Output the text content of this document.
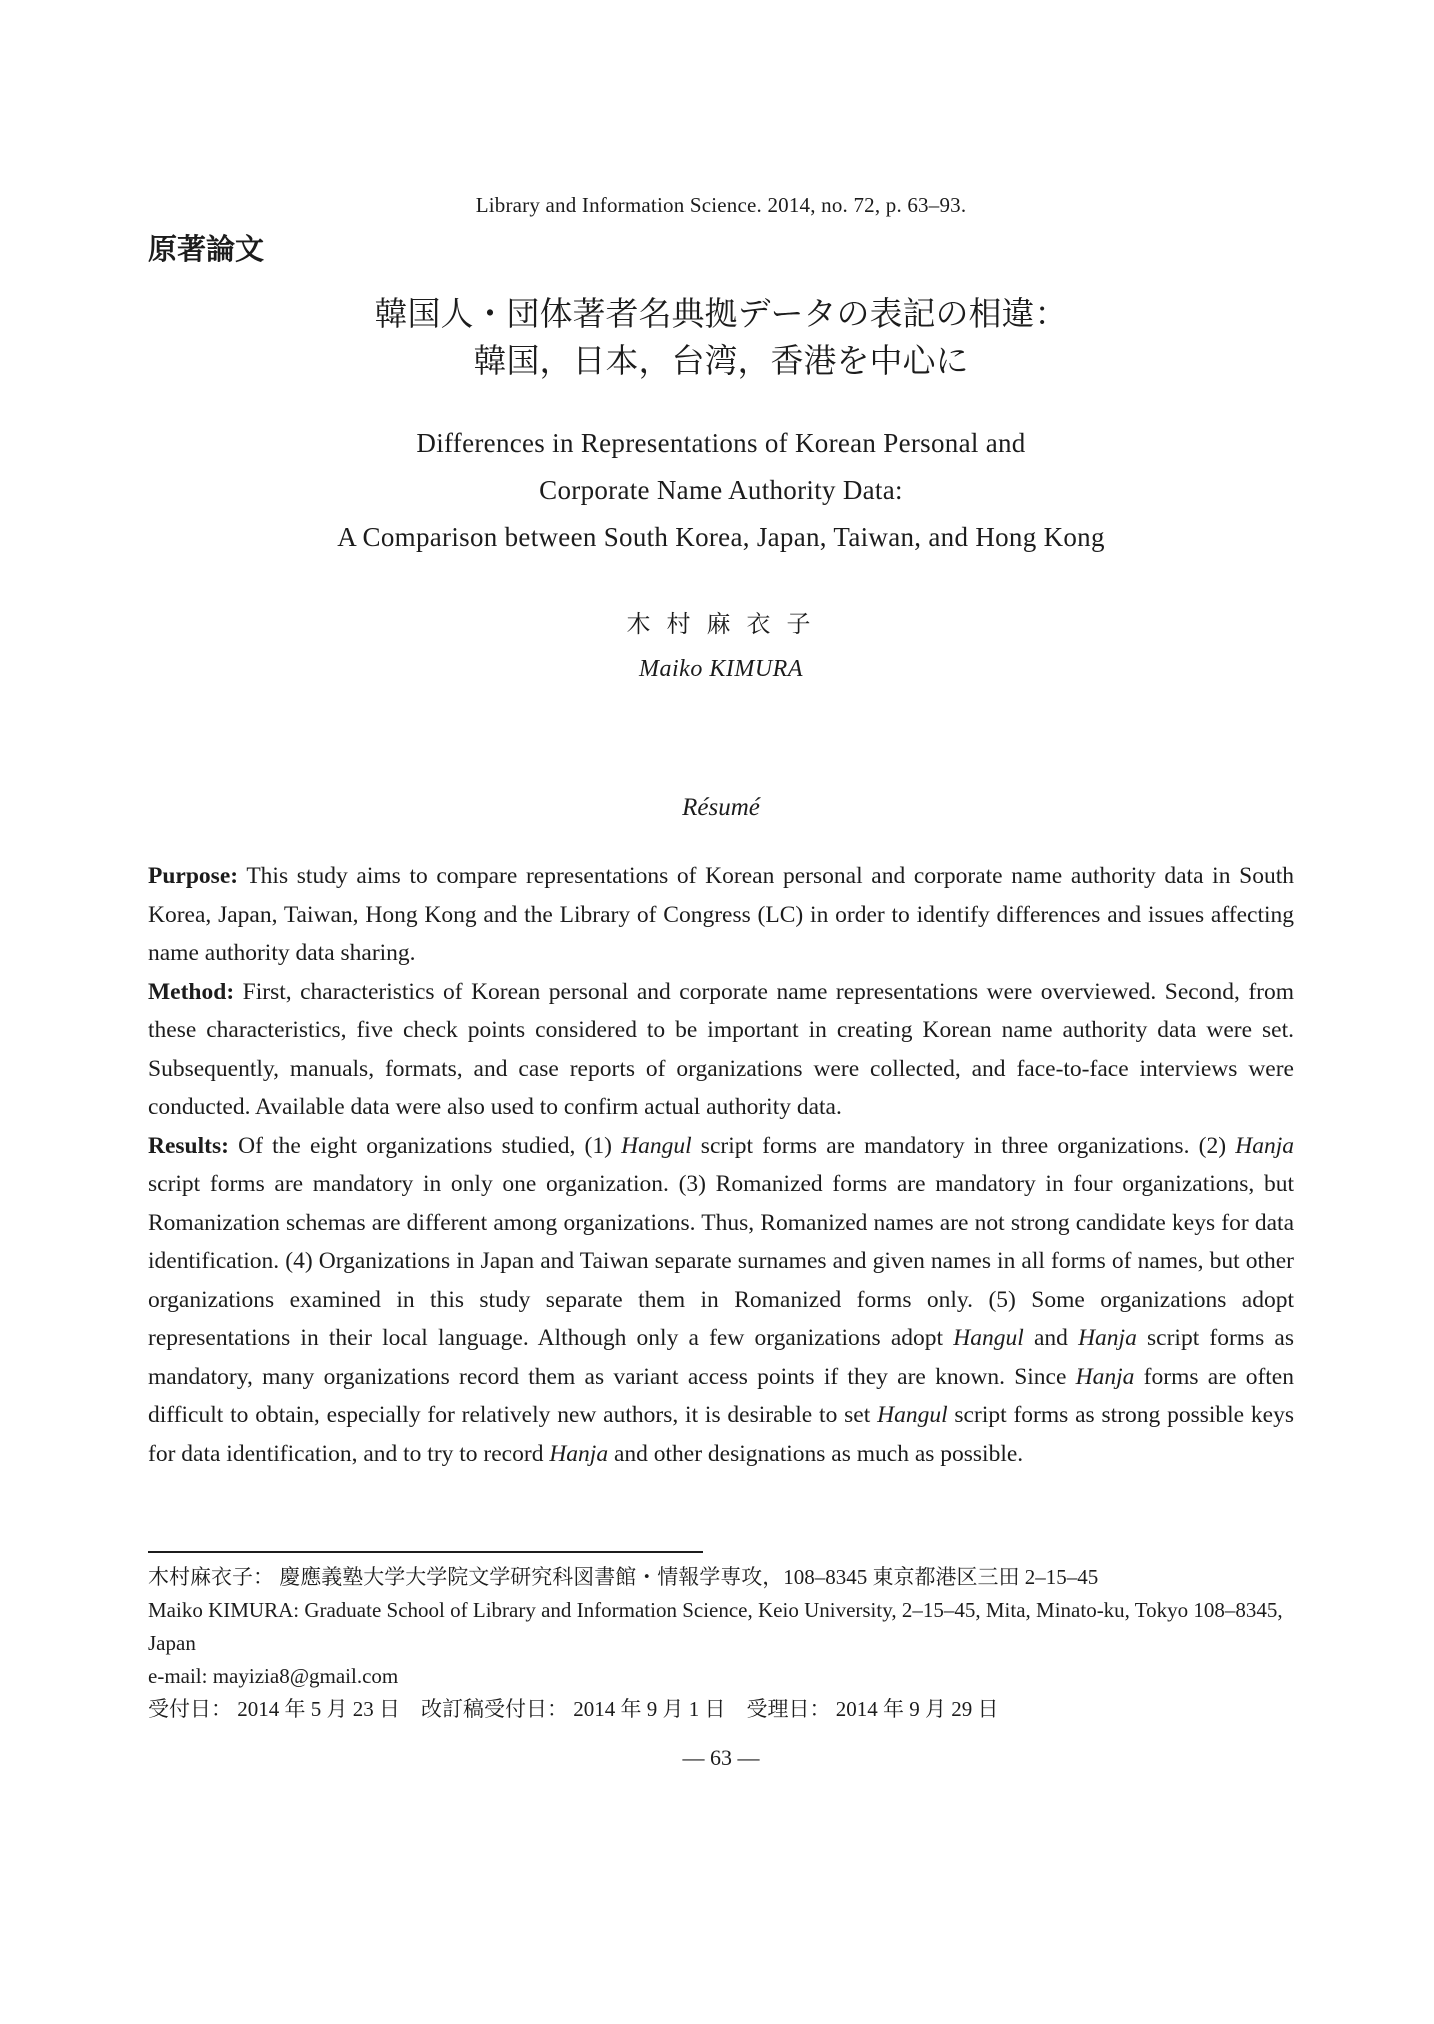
Library and Information Science. 2014, no. 72, p. 63–93.
原著論文
韓国人・団体著者名典拠データの表記の相違：
韓国，日本，台湾，香港を中心に
Differences in Representations of Korean Personal and
Corporate Name Authority Data:
A Comparison between South Korea, Japan, Taiwan, and Hong Kong
木 村 麻 衣 子
Maiko KIMURA
Résumé

Purpose: This study aims to compare representations of Korean personal and corporate name authority data in South Korea, Japan, Taiwan, Hong Kong and the Library of Congress (LC) in order to identify differences and issues affecting name authority data sharing.

Method: First, characteristics of Korean personal and corporate name representations were overviewed. Second, from these characteristics, five check points considered to be important in creating Korean name authority data were set. Subsequently, manuals, formats, and case reports of organizations were collected, and face-to-face interviews were conducted. Available data were also used to confirm actual authority data.

Results: Of the eight organizations studied, (1) Hangul script forms are mandatory in three organizations. (2) Hanja script forms are mandatory in only one organization. (3) Romanized forms are mandatory in four organizations, but Romanization schemas are different among organizations. Thus, Romanized names are not strong candidate keys for data identification. (4) Organizations in Japan and Taiwan separate surnames and given names in all forms of names, but other organizations examined in this study separate them in Romanized forms only. (5) Some organizations adopt representations in their local language. Although only a few organizations adopt Hangul and Hanja script forms as mandatory, many organizations record them as variant access points if they are known. Since Hanja forms are often difficult to obtain, especially for relatively new authors, it is desirable to set Hangul script forms as strong possible keys for data identification, and to try to record Hanja and other designations as much as possible.

木村麻衣子： 慶應義塾大学大学院文学研究科図書館・情報学専攻，108–8345 東京都港区三田 2–15–45

Maiko KIMURA: Graduate School of Library and Information Science, Keio University, 2–15–45, Mita, Minato-ku, Tokyo 108–8345, Japan

e-mail: mayizia8@gmail.com

受付日： 2014 年 5 月 23 日　改訂稿受付日： 2014 年 9 月 1 日　受理日： 2014 年 9 月 29 日

— 63 —
